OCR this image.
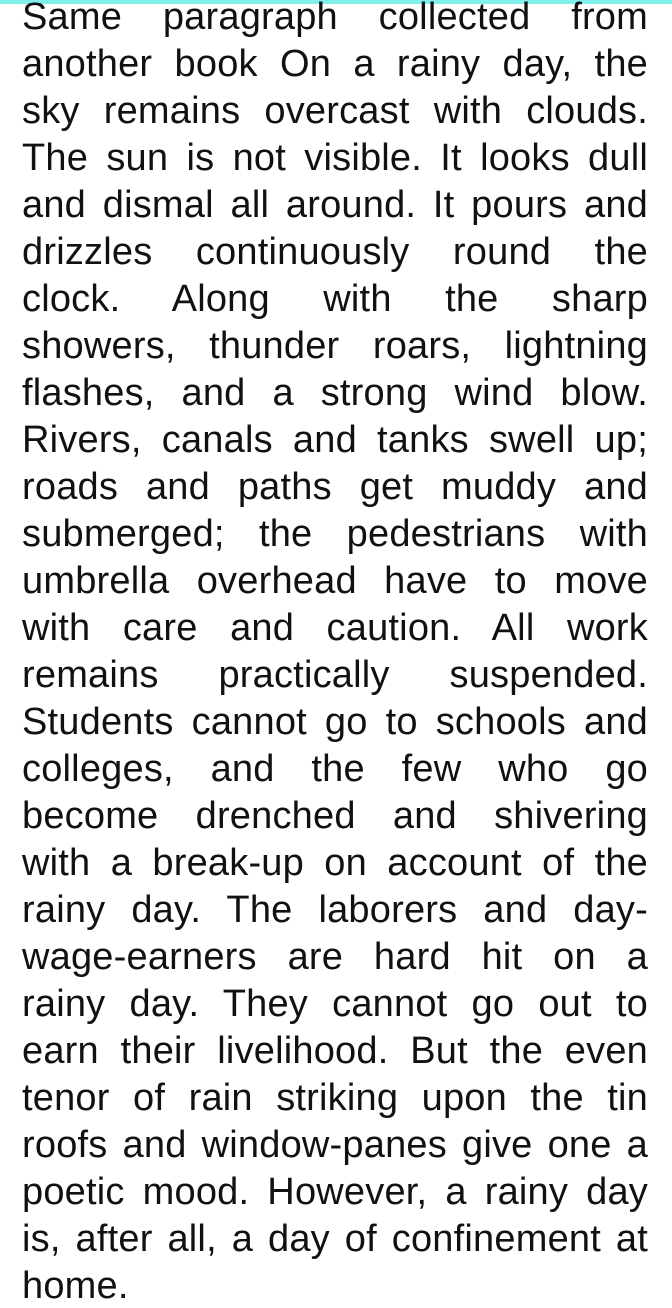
Same paragraph collected from
another book On a rainy day, the
sky remains overcast with clouds.
The sun is not visible. It looks dull
and dismal all around. It pours and
drizzles continuously round the
clock. Along with the sharp
showers, thunder roars, lightning
flashes, and a strong wind blow.
Rivers, canals and tanks swell up;
roads and paths get muddy and
submerged; the pedestrians with
umbrella overhead have to move
with care and caution. All work
remains practically suspended.
Students cannot go to schools and
colleges, and the few who go
become drenched and shivering
with a break-up on account of the
rainy day. The laborers and day-
wage-earners are hard hit on a
rainy day. They cannot go out to
earn their livelihood. But the even
tenor of rain striking upon the tin
roofs and window-panes give one a
poetic mood. However, a rainy day
is, after all, a day of confinement at
home.
